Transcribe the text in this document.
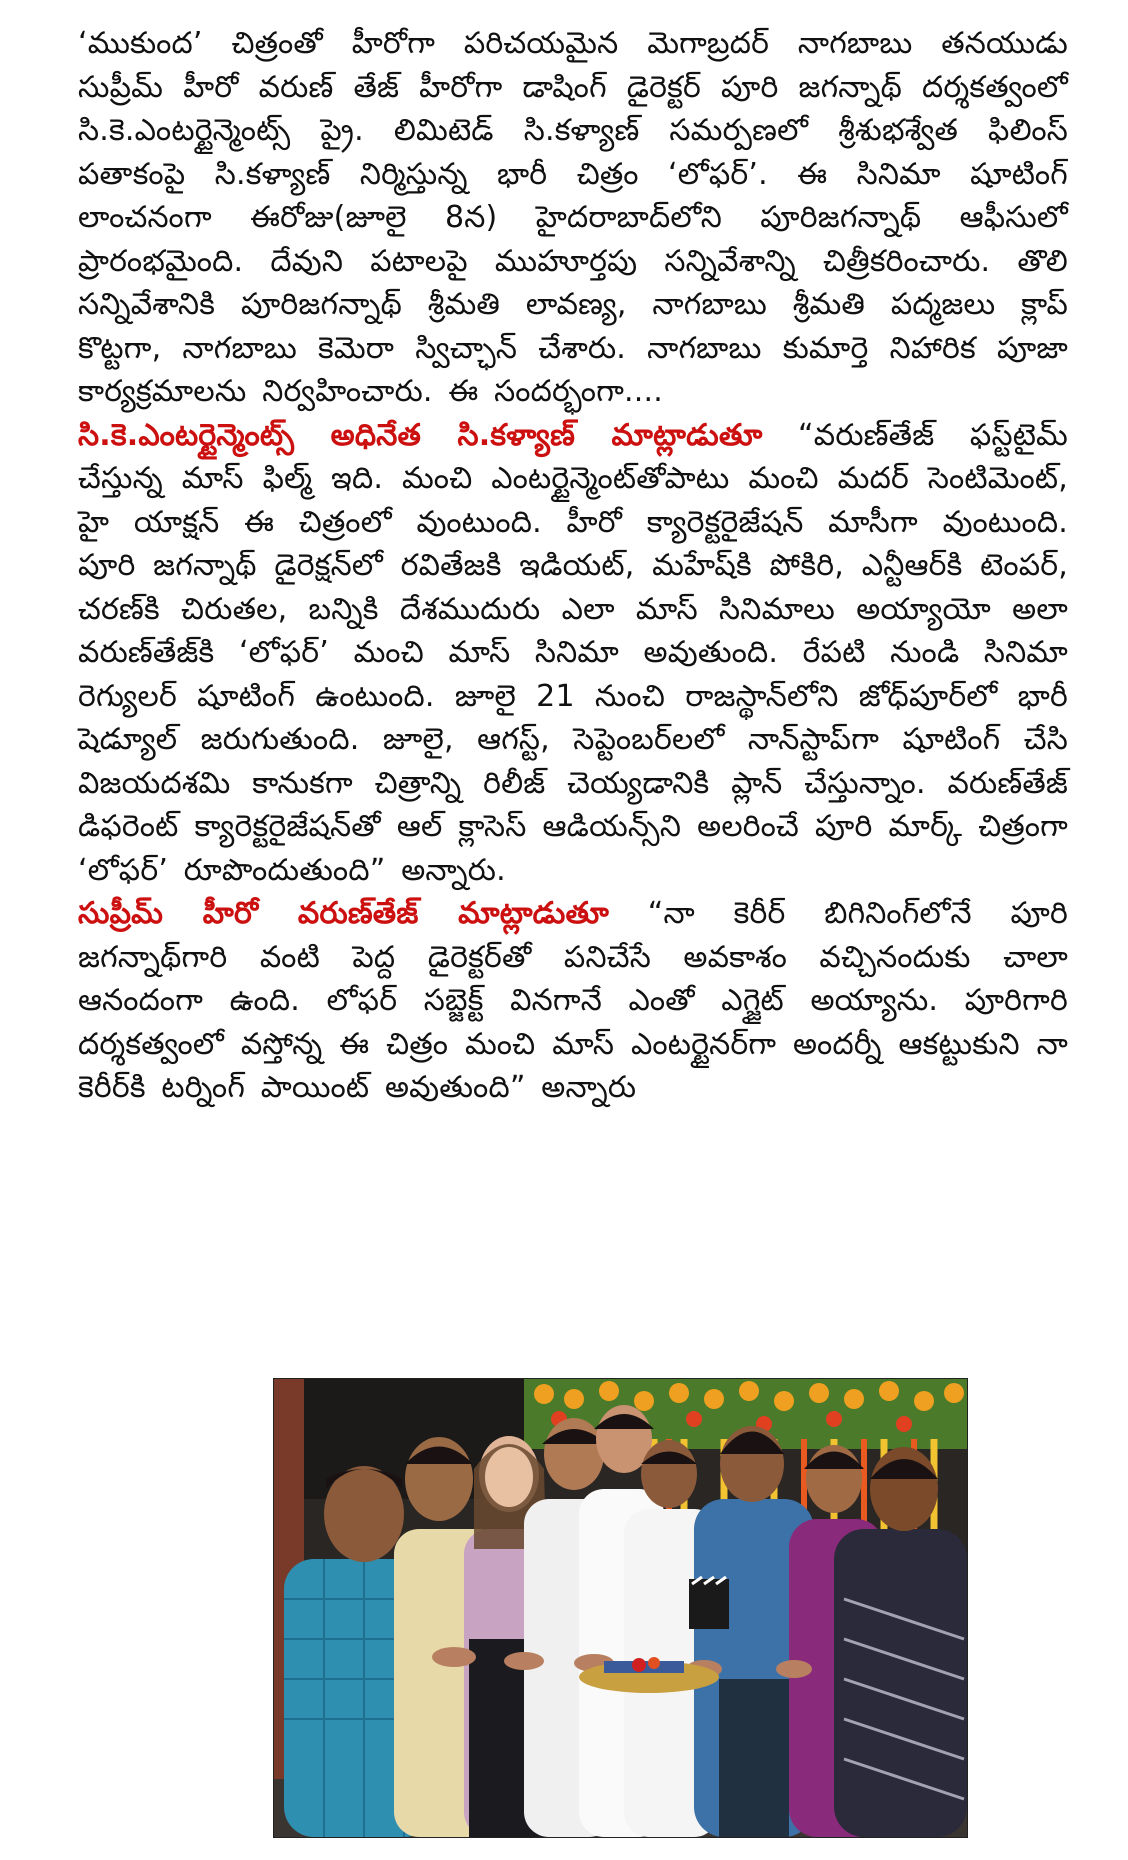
‘ముకుంద’ చిత్రంతో హీరోగా పరిచయమైన మెగాబ్రదర్ నాగబాబు తనయుడు సుప్రీమ్ హీరో వరుణ్ తేజ్ హీరోగా డాషింగ్ డైరెక్టర్ పూరి జగన్నాథ్ దర్శకత్వంలో సి.కె.ఎంటర్టైన్మెంట్స్ ప్రై. లిమిటెడ్ సి.కళ్యాణ్ సమర్పణలో శ్రీశుభశ్వేత ఫిలింస్ పతాకంపై సి.కళ్యాణ్ నిర్మిస్తున్న భారీ చిత్రం ‘లోఫర్’. ఈ సినిమా షూటింగ్ లాంచనంగా ఈరోజు(జూలై 8న) హైదరాబాద్‌లోని పూరిజగన్నాథ్ ఆఫీసులో ప్రారంభమైంది. దేవుని పటాలపై ముహూర్తపు సన్నివేశాన్ని చిత్రీకరించారు. తొలి సన్నివేశానికి పూరిజగన్నాథ్ శ్రీమతి లావణ్య, నాగబాబు శ్రీమతి పద్మజలు క్లాప్ కొట్టగా, నాగబాబు కెమెరా స్విచ్ఛాన్ చేశారు. నాగబాబు కుమార్తె నిహారిక పూజా కార్యక్రమాలను నిర్వహించారు. ఈ సందర్భంగా....

సి.కె.ఎంటర్టైన్మెంట్స్ అధినేత సి.కళ్యాణ్ మాట్లాడుతూ “వరుణ్‌తేజ్ ఫస్ట్‌టైమ్ చేస్తున్న మాస్ ఫిల్మ్ ఇది. మంచి ఎంటర్టైన్మెంట్‌తోపాటు మంచి మదర్ సెంటిమెంట్, హై యాక్షన్ ఈ చిత్రంలో వుంటుంది. హీరో క్యారెక్టరైజేషన్ మాసీగా వుంటుంది. పూరి జగన్నాథ్ డైరెక్షన్‌లో రవితేజకి ఇడియట్, మహేష్‌కి పోకిరి, ఎన్టీఆర్‌కి టెంపర్, చరణ్‌కి చిరుతల, బన్నికి దేశముదురు ఎలా మాస్ సినిమాలు అయ్యాయో అలా వరుణ్‌తేజ్‌కి ‘లోఫర్’ మంచి మాస్ సినిమా అవుతుంది. రేపటి నుండి సినిమా రెగ్యులర్ షూటింగ్ ఉంటుంది. జూలై 21 నుంచి రాజస్థాన్‌లోని జోధ్‌పూర్‌లో భారీ షెడ్యూల్ జరుగుతుంది. జూలై, ఆగస్ట్, సెప్టెంబర్‌లలో నాన్‌స్టాప్‌గా షూటింగ్ చేసి విజయదశమి కానుకగా చిత్రాన్ని రిలీజ్ చెయ్యడానికి ప్లాన్ చేస్తున్నాం. వరుణ్‌తేజ్ డిఫరెంట్ క్యారెక్టరైజేషన్‌తో ఆల్ క్లాసెస్ ఆడియన్స్‌ని అలరించే పూరి మార్క్ చిత్రంగా ‘లోఫర్’ రూపొందుతుంది” అన్నారు.

సుప్రీమ్ హీరో వరుణ్‌తేజ్ మాట్లాడుతూ “నా కెరీర్ బిగినింగ్‌లోనే పూరి జగన్నాథ్‌గారి వంటి పెద్ద డైరెక్టర్‌తో పనిచేసే అవకాశం వచ్చినందుకు చాలా ఆనందంగా ఉంది. లోఫర్ సబ్జెక్ట్ వినగానే ఎంతో ఎగ్జైట్ అయ్యాను. పూరిగారి దర్శకత్వంలో వస్తోన్న ఈ చిత్రం మంచి మాస్ ఎంటర్టైనర్‌గా అందర్నీ ఆకట్టుకుని నా కెరీర్‌కి టర్నింగ్ పాయింట్ అవుతుంది” అన్నారు
